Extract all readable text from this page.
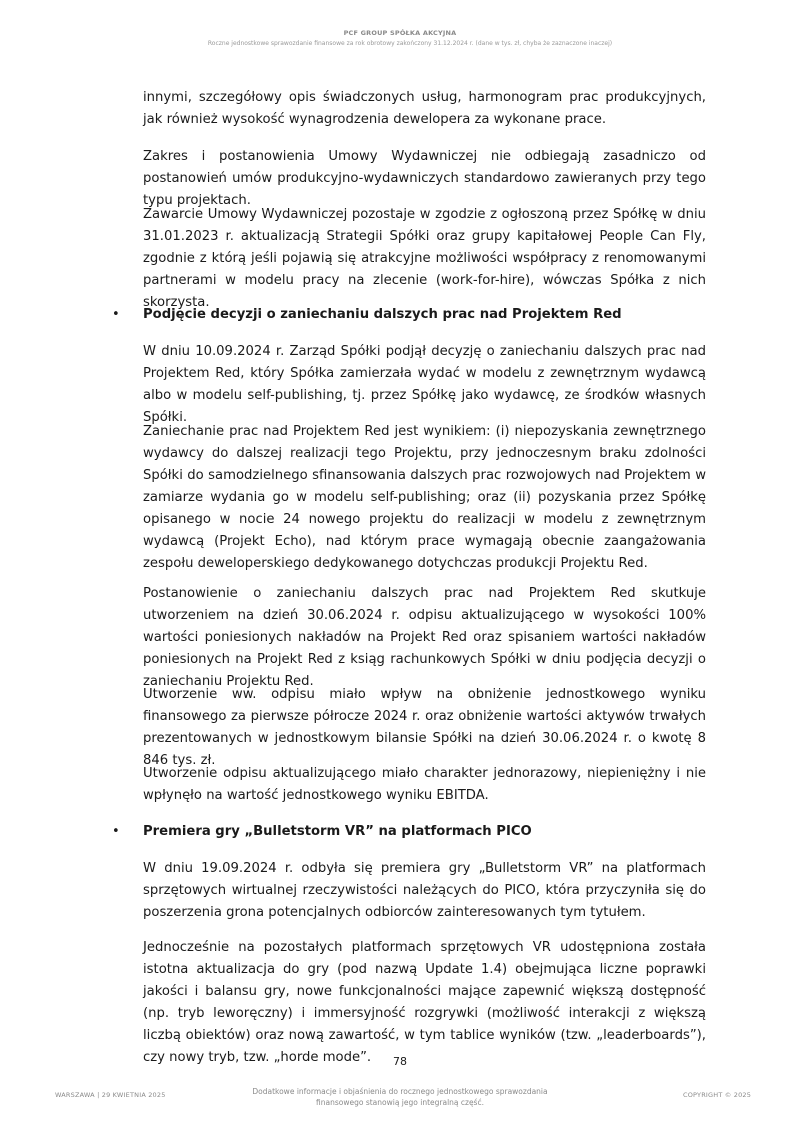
PCF GROUP SPÓŁKA AKCYJNA
Roczne jednostkowe sprawozdanie finansowe za rok obrotowy zakończony 31.12.2024 r. (dane w tys. zł, chyba że zaznaczone inaczej)
innymi, szczegółowy opis świadczonych usług, harmonogram prac produkcyjnych, jak również wysokość wynagrodzenia dewelopera za wykonane prace.
Zakres i postanowienia Umowy Wydawniczej nie odbiegają zasadniczo od postanowień umów produkcyjno-wydawniczych standardowo zawieranych przy tego typu projektach.
Zawarcie Umowy Wydawniczej pozostaje w zgodzie z ogłoszoną przez Spółkę w dniu 31.01.2023 r. aktualizacją Strategii Spółki oraz grupy kapitałowej People Can Fly, zgodnie z którą jeśli pojawią się atrakcyjne możliwości współpracy z renomowanymi partnerami w modelu pracy na zlecenie (work-for-hire), wówczas Spółka z nich skorzysta.
• Podjęcie decyzji o zaniechaniu dalszych prac nad Projektem Red
W dniu 10.09.2024 r. Zarząd Spółki podjął decyzję o zaniechaniu dalszych prac nad Projektem Red, który Spółka zamierzała wydać w modelu z zewnętrznym wydawcą albo w modelu self-publishing, tj. przez Spółkę jako wydawcę, ze środków własnych Spółki.
Zaniechanie prac nad Projektem Red jest wynikiem: (i) niepozyskania zewnętrznego wydawcy do dalszej realizacji tego Projektu, przy jednoczesnym braku zdolności Spółki do samodzielnego sfinansowania dalszych prac rozwojowych nad Projektem w zamiarze wydania go w modelu self-publishing; oraz (ii) pozyskania przez Spółkę opisanego w nocie 24 nowego projektu do realizacji w modelu z zewnętrznym wydawcą (Projekt Echo), nad którym prace wymagają obecnie zaangażowania zespołu deweloperskiego dedykowanego dotychczas produkcji Projektu Red.
Postanowienie o zaniechaniu dalszych prac nad Projektem Red skutkuje utworzeniem na dzień 30.06.2024 r. odpisu aktualizującego w wysokości 100% wartości poniesionych nakładów na Projekt Red oraz spisaniem wartości nakładów poniesionych na Projekt Red z ksiąg rachunkowych Spółki w dniu podjęcia decyzji o zaniechaniu Projektu Red.
Utworzenie ww. odpisu miało wpływ na obniżenie jednostkowego wyniku finansowego za pierwsze półrocze 2024 r. oraz obniżenie wartości aktywów trwałych prezentowanych w jednostkowym bilansie Spółki na dzień 30.06.2024 r. o kwotę 8 846 tys. zł.
Utworzenie odpisu aktualizującego miało charakter jednorazowy, niepieniężny i nie wpłynęło na wartość jednostkowego wyniku EBITDA.
• Premiera gry „Bulletstorm VR” na platformach PICO
W dniu 19.09.2024 r. odbyła się premiera gry „Bulletstorm VR” na platformach sprzętowych wirtualnej rzeczywistości należących do PICO, która przyczyniła się do poszerzenia grona potencjalnych odbiorców zainteresowanych tym tytułem.
Jednocześnie na pozostałych platformach sprzętowych VR udostępniona została istotna aktualizacja do gry (pod nazwą Update 1.4) obejmująca liczne poprawki jakości i balansu gry, nowe funkcjonalności mające zapewnić większą dostępność (np. tryb leworęczny) i immersyjność rozgrywki (możliwość interakcji z większą liczbą obiektów) oraz nową zawartość, w tym tablice wyników (tzw. „leaderboards”), czy nowy tryb, tzw. „horde mode”.	78
WARSZAWA | 29 KWIETNIA 2025	Dodatkowe informacje i objaśnienia do rocznego jednostkowego sprawozdania finansowego stanowią jego integralną część.
COPYRIGHT © 2025
